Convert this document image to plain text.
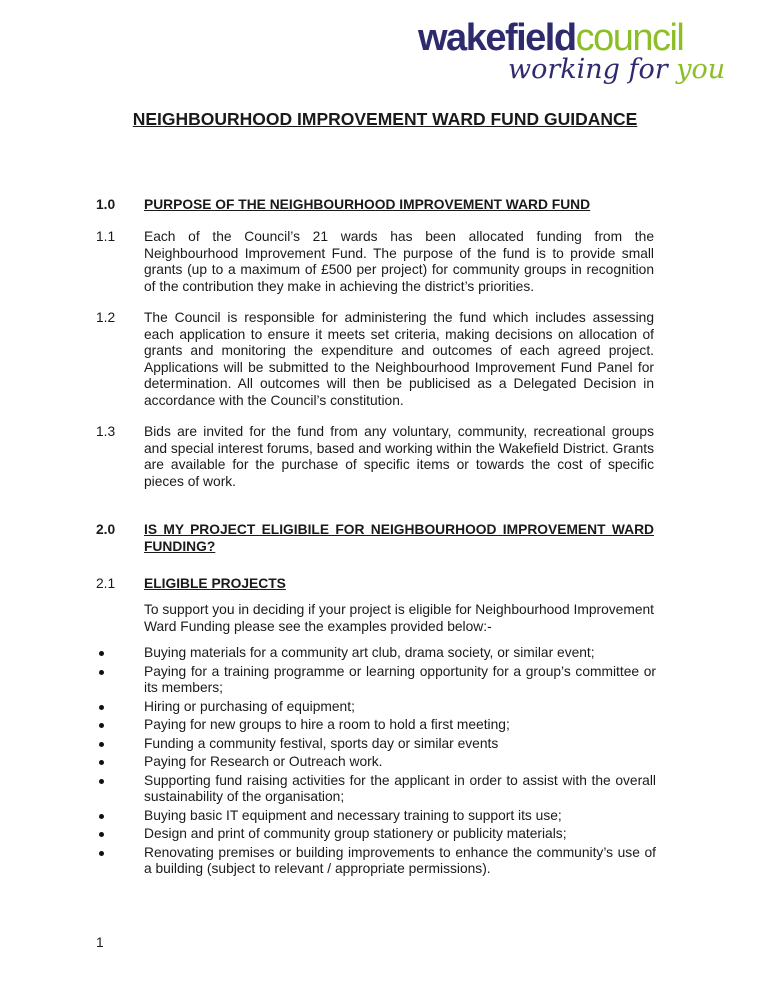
wakefieldcouncil
working for you
NEIGHBOURHOOD IMPROVEMENT WARD FUND GUIDANCE
1.0	PURPOSE OF THE NEIGHBOURHOOD IMPROVEMENT WARD FUND
1.1	Each of the Council’s 21 wards has been allocated funding from the Neighbourhood Improvement Fund. The purpose of the fund is to provide small grants (up to a maximum of £500 per project) for community groups in recognition of the contribution they make in achieving the district’s priorities.
1.2	The Council is responsible for administering the fund which includes assessing each application to ensure it meets set criteria, making decisions on allocation of grants and monitoring the expenditure and outcomes of each agreed project. Applications will be submitted to the Neighbourhood Improvement Fund Panel for determination. All outcomes will then be publicised as a Delegated Decision in accordance with the Council’s constitution.
1.3	Bids are invited for the fund from any voluntary, community, recreational groups and special interest forums, based and working within the Wakefield District. Grants are available for the purchase of specific items or towards the cost of specific pieces of work.
2.0	IS MY PROJECT ELIGIBILE FOR NEIGHBOURHOOD IMPROVEMENT WARD FUNDING?
2.1	ELIGIBLE PROJECTS
To support you in deciding if your project is eligible for Neighbourhood Improvement Ward Funding please see the examples provided below:-
Buying materials for a community art club, drama society, or similar event;
Paying for a training programme or learning opportunity for a group’s committee or its members;
Hiring or purchasing of equipment;
Paying for new groups to hire a room to hold a first meeting;
Funding a community festival, sports day or similar events
Paying for Research or Outreach work.
Supporting fund raising activities for the applicant in order to assist with the overall sustainability of the organisation;
Buying basic IT equipment and necessary training to support its use;
Design and print of community group stationery or publicity materials;
Renovating premises or building improvements to enhance the community’s use of a building (subject to relevant / appropriate permissions).
1
